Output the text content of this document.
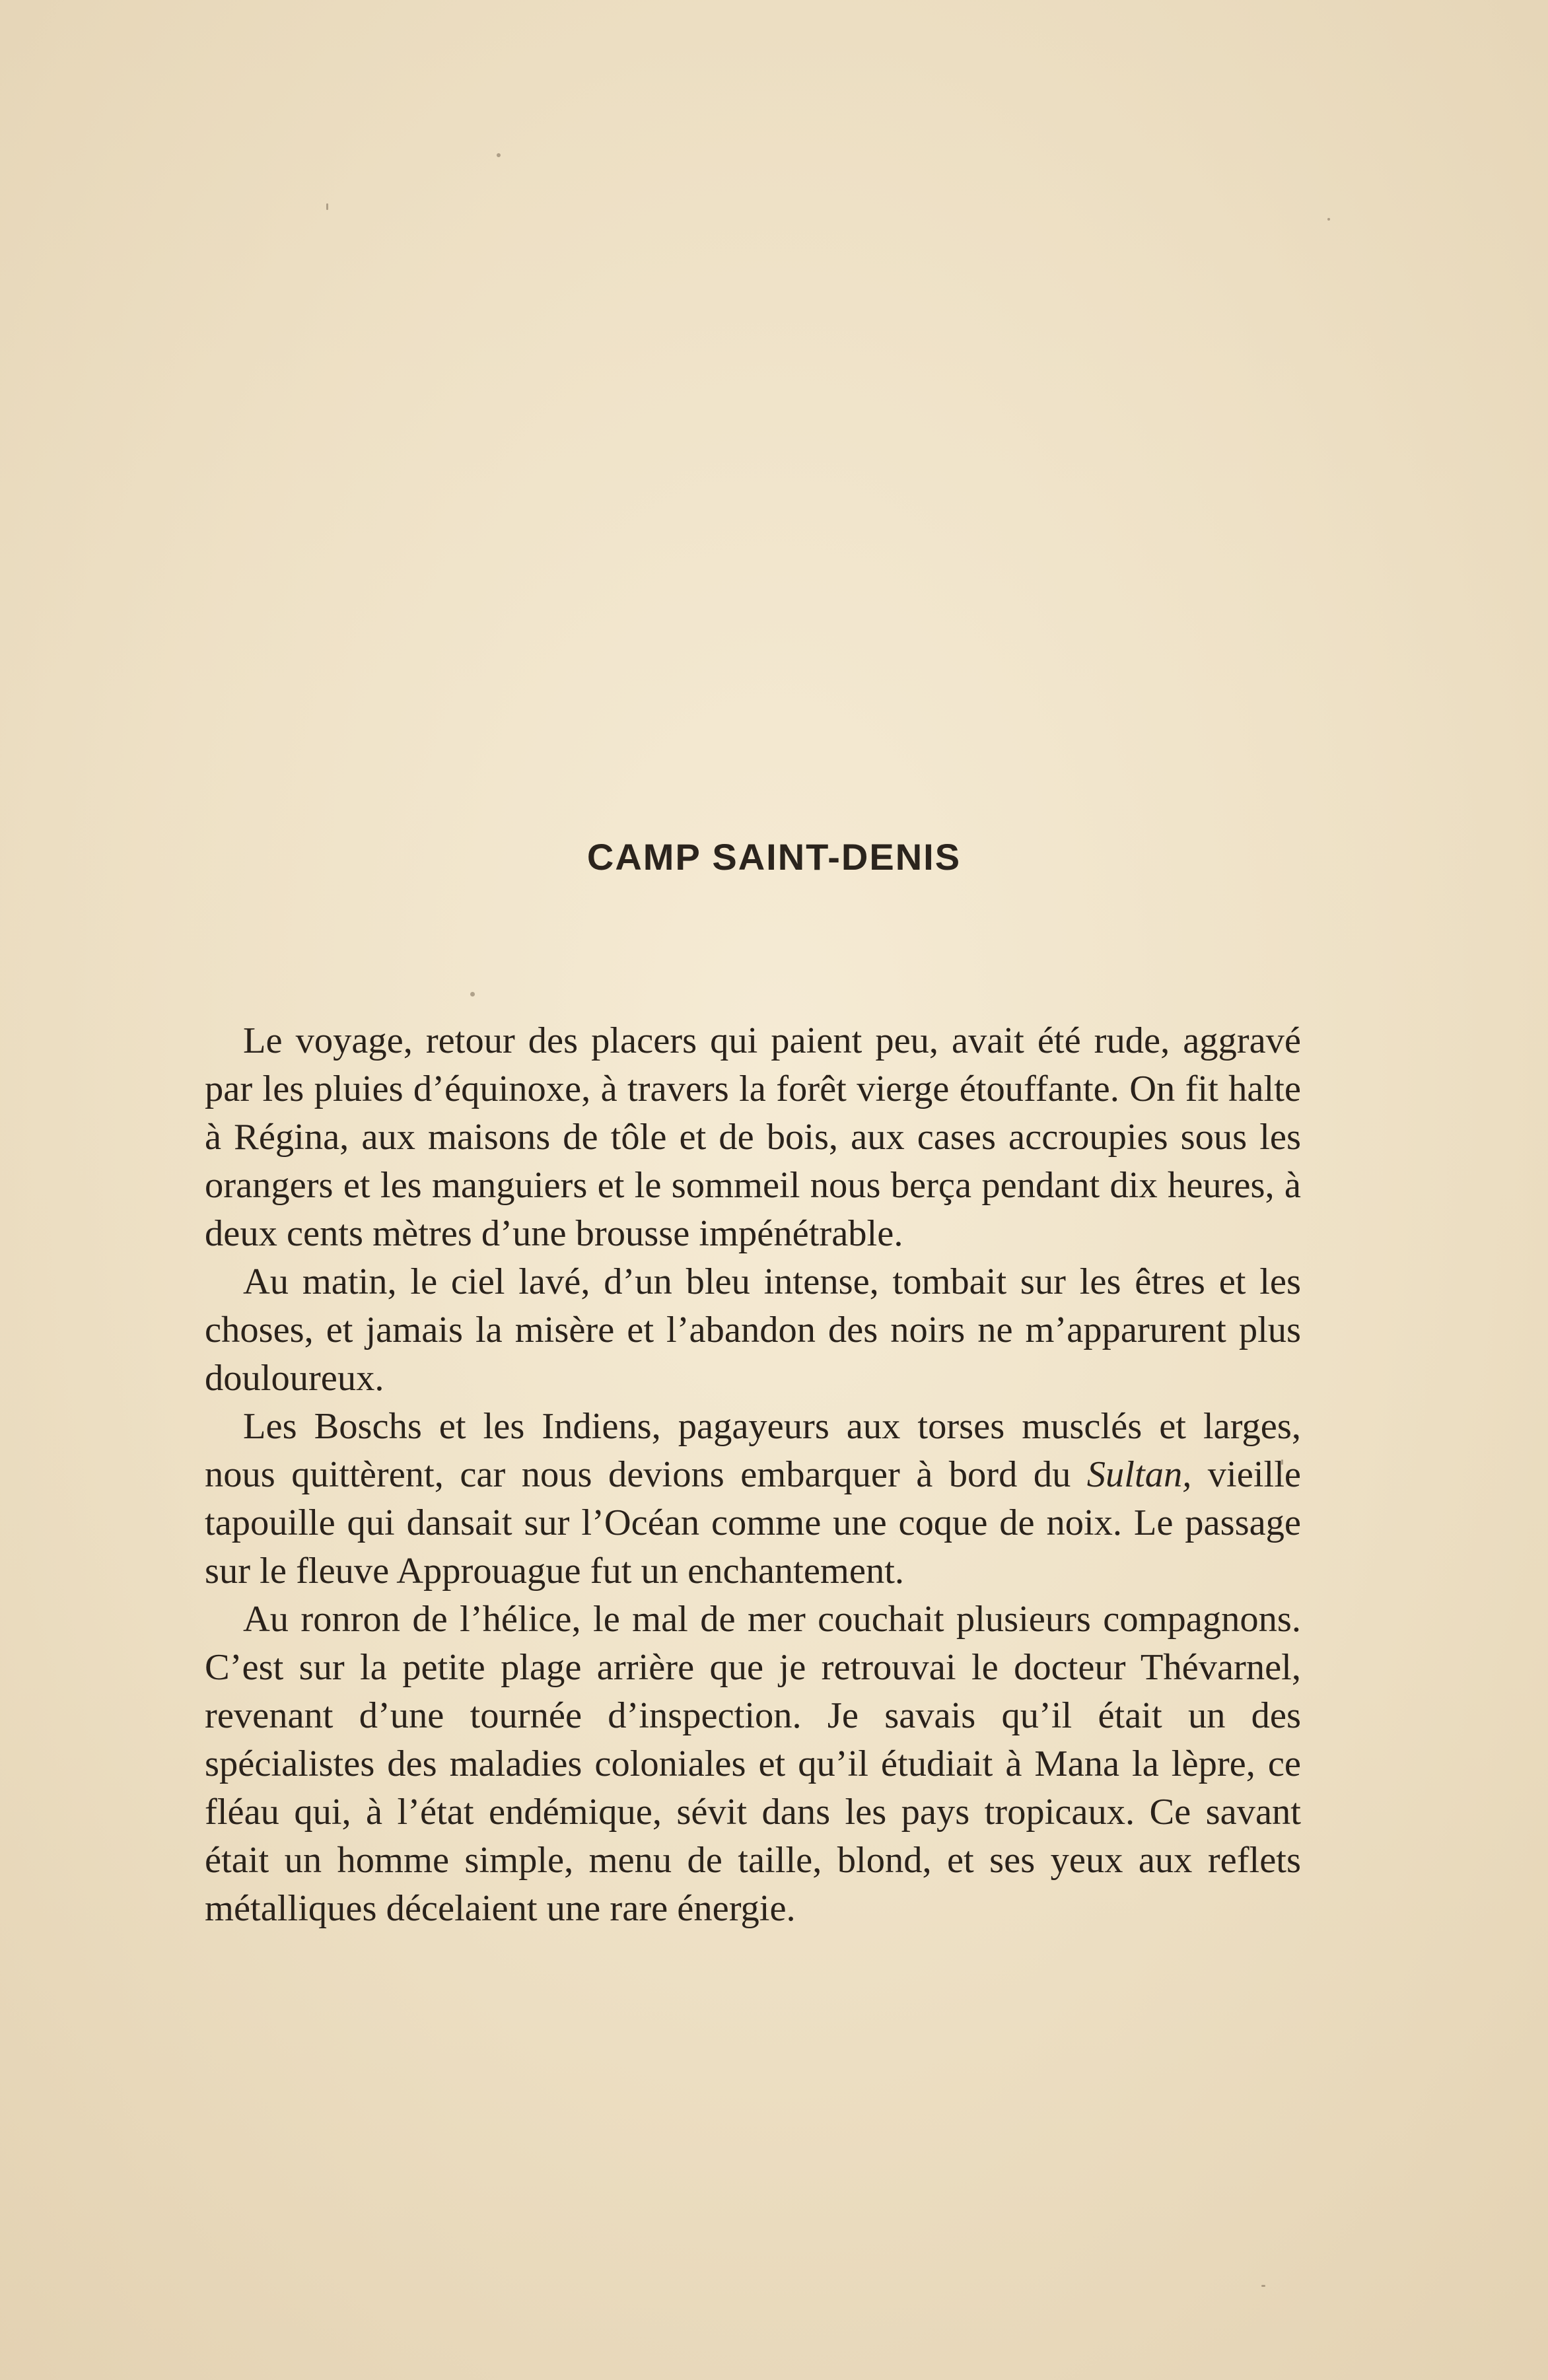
CAMP SAINT-DENIS

Le voyage, retour des placers qui paient peu, avait été rude, aggravé par les pluies d’équinoxe, à travers la forêt vierge étouffante. On fit halte à Régina, aux maisons de tôle et de bois, aux cases accroupies sous les orangers et les manguiers et le sommeil nous berça pendant dix heures, à deux cents mètres d’une brousse impénétrable.

Au matin, le ciel lavé, d’un bleu intense, tombait sur les êtres et les choses, et jamais la misère et l’abandon des noirs ne m’apparurent plus douloureux.

Les Boschs et les Indiens, pagayeurs aux torses musclés et larges, nous quittèrent, car nous devions embarquer à bord du Sultan, vieille tapouille qui dansait sur l’Océan comme une coque de noix. Le passage sur le fleuve Approuague fut un enchantement.

Au ronron de l’hélice, le mal de mer couchait plusieurs compagnons. C’est sur la petite plage arrière que je retrouvai le docteur Thévarnel, revenant d’une tournée d’inspection. Je savais qu’il était un des spécialistes des maladies coloniales et qu’il étudiait à Mana la lèpre, ce fléau qui, à l’état endémique, sévit dans les pays tropicaux. Ce savant était un homme simple, menu de taille, blond, et ses yeux aux reflets métalliques décelaient une rare énergie.
